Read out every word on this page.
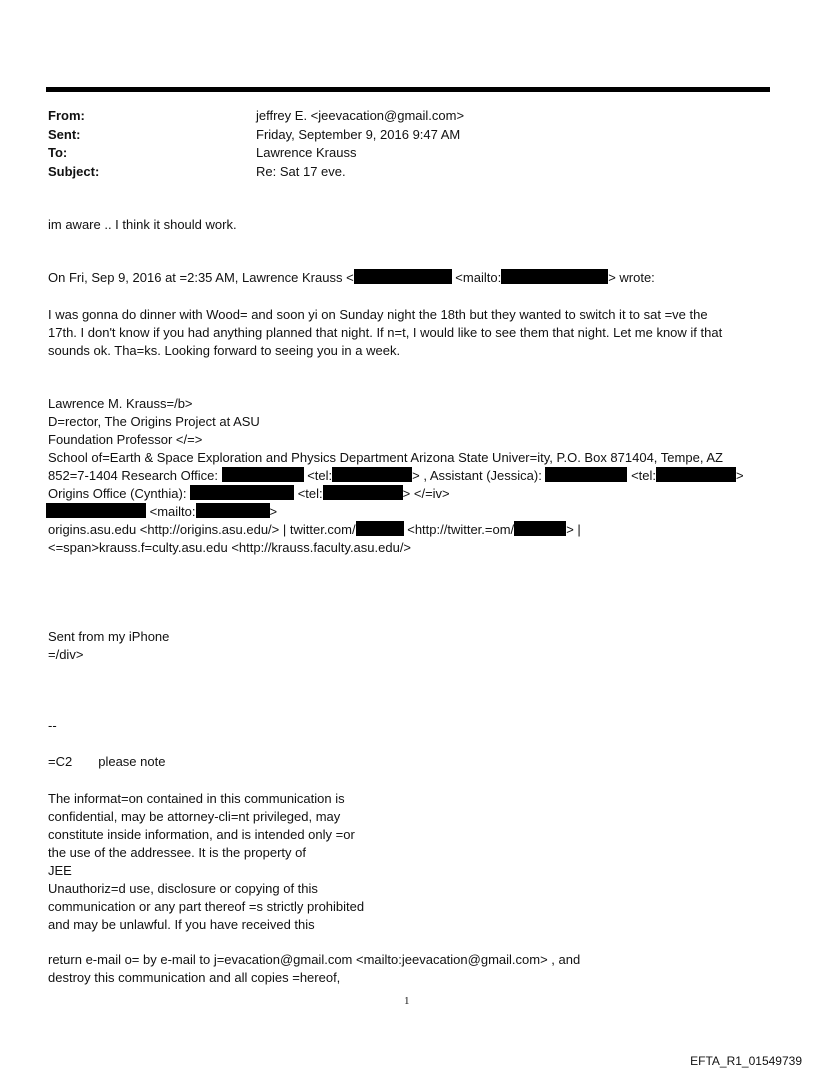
From:	jeffrey E. <jeevacation@gmail.com>
Sent:	Friday, September 9, 2016 9:47 AM
To:	Lawrence Krauss
Subject:	Re: Sat 17 eve.
im aware .. I think it should work.
On Fri, Sep 9, 2016 at =2:35 AM, Lawrence Krauss <	<mailto:	> wrote:
I was gonna do dinner with Wood= and soon yi on Sunday night the 18th but they wanted to switch it to sat =ve the
17th. I don't know if you had anything planned that night. If n=t, I would like to see them that night. Let me know if that
sounds ok. Tha=ks. Looking forward to seeing you in a week.
Lawrence M. Krauss=/b>
D=rector, The Origins Project at ASU
Foundation Professor </=>
School of=Earth & Space Exploration and Physics Department Arizona State Univer=ity, P.O. Box 871404, Tempe, AZ
852=7-1404 Research Office:	<tel:	> , Assistant (Jessica):	<tel:	>
Origins Office (Cynthia):	<tel:	> </=iv>
<mailto:	>
origins.asu.edu <http://origins.asu.edu/> | twitter.com/	<http://twitter.=om/	> |
<=span>krauss.f=culty.asu.edu <http://krauss.faculty.asu.edu/>
Sent from my iPhone
=/div>
--
=C2 please note
The informat=on contained in this communication is
confidential, may be attorney-cli=nt privileged, may
constitute inside information, and is intended only =or
the use of the addressee. It is the property of
JEE
Unauthoriz=d use, disclosure or copying of this
communication or any part thereof =s strictly prohibited
and may be unlawful. If you have received this
return e-mail o= by e-mail to j=evacation@gmail.com <mailto:jeevacation@gmail.com> , and
destroy this communication and all copies =hereof,
1
EFTA_R1_01549739
